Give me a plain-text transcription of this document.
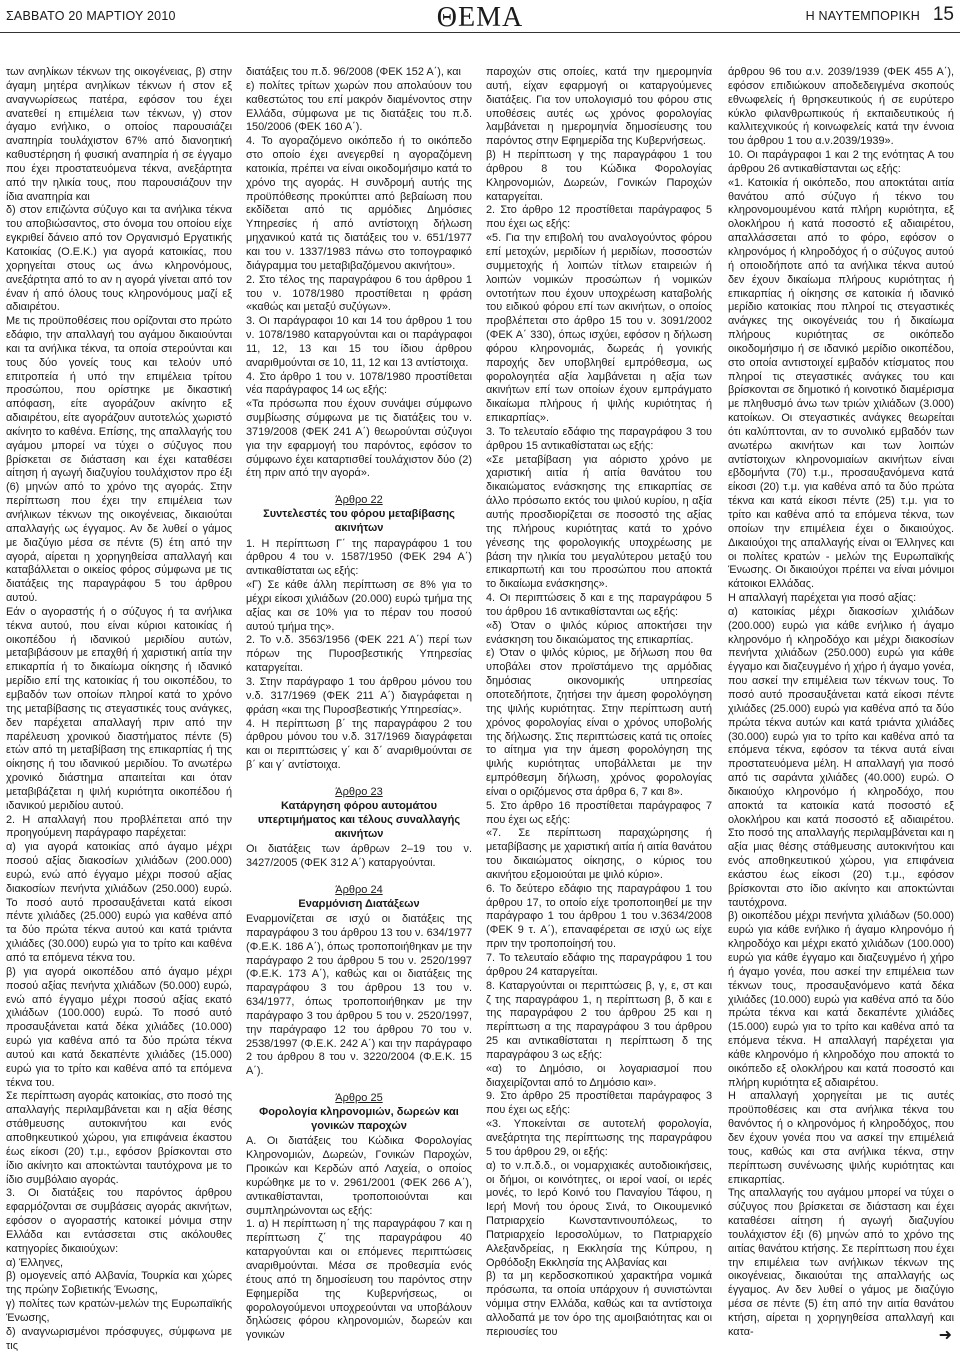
ΣΑΒΒΑΤΟ 20 ΜΑΡΤΙΟΥ 2010	ΘΕΜΑ	Η ΝΑΥΤΕΜΠΟΡΙΚΗ 15

των ανηλίκων τέκνων της οικογένειας, β) στην άγαμη μητέρα ανηλίκων τέκνων ή στον εξ αναγνωρίσεως πατέρα, εφόσον του έχει ανατεθεί η επιμέλεια των τέκνων, γ) στον άγαμο ενήλικο, ο οποίος παρουσιάζει αναπηρία τουλάχιστον 67% από διανοητική καθυστέρηση ή φυσική αναπηρία ή σε έγγαμο που έχει προστατευόμενα τέκνα, ανεξάρτητα από την ηλικία τους, που παρουσιάζουν την ίδια αναπηρία και

δ) στον επιζώντα σύζυγο και τα ανήλικα τέκνα του αποβιώσαντος, στο όνομα του οποίου είχε εγκριθεί δάνειο από τον Οργανισμό Εργατικής Κατοικίας (Ο.Ε.Κ.) για αγορά κατοικίας, που χορηγείται στους ως άνω κληρονόμους, ανεξάρτητα από το αν η αγορά γίνεται από τον έναν ή από όλους τους κληρονόμους μαζί εξ αδιαιρέτου.

Με τις προϋποθέσεις που ορίζονται στο πρώτο εδάφιο, την απαλλαγή του αγάμου δικαιούνται και τα ανήλικα τέκνα, τα οποία στερούνται και τους δύο γονείς τους και τελούν υπό επιτροπεία ή υπό την επιμέλεια τρίτου προσώπου, που ορίστηκε με δικαστική απόφαση, είτε αγοράζουν ακίνητο εξ αδιαιρέτου, είτε αγοράζουν αυτοτελώς χωριστό ακίνητο το καθένα. Επίσης, της απαλλαγής του αγάμου μπορεί να τύχει ο σύζυγος που βρίσκεται σε διάσταση και έχει καταθέσει αίτηση ή αγωγή διαζυγίου τουλάχιστον προ έξι (6) μηνών από το χρόνο της αγοράς. Στην περίπτωση που έχει την επιμέλεια των ανήλικων τέκνων της οικογένειας, δικαιούται απαλλαγής ως έγγαμος. Αν δε λυθεί ο γάμος με διαζύγιο μέσα σε πέντε (5) έτη από την αγορά, αίρεται η χορηγηθείσα απαλλαγή και καταβάλλεται ο οικείος φόρος σύμφωνα με τις διατάξεις της παραγράφου 5 του άρθρου αυτού.

Εάν ο αγοραστής ή ο σύζυγος ή τα ανήλικα τέκνα αυτού, που είναι κύριοι κατοικίας ή οικοπέδου ή ιδανικού μεριδίου αυτών, μεταβιβάσουν με επαχθή ή χαριστική αιτία την επικαρπία ή το δικαίωμα οίκησης ή ιδανικό μερίδιο επί της κατοικίας ή του οικοπέδου, το εμβαδόν των οποίων πληροί κατά το χρόνο της μεταβίβασης τις στεγαστικές τους ανάγκες, δεν παρέχεται απαλλαγή πριν από την παρέλευση χρονικού διαστήματος πέντε (5) ετών από τη μεταβίβαση της επικαρπίας ή της οίκησης ή του ιδανικού μεριδίου. Το ανωτέρω χρονικό διάστημα απαιτείται και όταν μεταβιβάζεται η ψιλή κυριότητα οικοπέδου ή ιδανικού μεριδίου αυτού.

2. Η απαλλαγή που προβλέπεται από την προηγούμενη παράγραφο παρέχεται:

α) για αγορά κατοικίας από άγαμο μέχρι ποσού αξίας διακοσίων χιλιάδων (200.000) ευρώ, ενώ από έγγαμο μέχρι ποσού αξίας διακοσίων πενήντα χιλιάδων (250.000) ευρώ. Το ποσό αυτό προσαυξάνεται κατά είκοσι πέντε χιλιάδες (25.000) ευρώ για καθένα από τα δύο πρώτα τέκνα αυτού και κατά τριάντα χιλιάδες (30.000) ευρώ για το τρίτο και καθένα από τα επόμενα τέκνα του.

β) για αγορά οικοπέδου από άγαμο μέχρι ποσού αξίας πενήντα χιλιάδων (50.000) ευρώ, ενώ από έγγαμο μέχρι ποσού αξίας εκατό χιλιάδων (100.000) ευρώ. Το ποσό αυτό προσαυξάνεται κατά δέκα χιλιάδες (10.000) ευρώ για καθένα από τα δύο πρώτα τέκνα αυτού και κατά δεκαπέντε χιλιάδες (15.000) ευρώ για το τρίτο και καθένα από τα επόμενα τέκνα του.

Σε περίπτωση αγοράς κατοικίας, στο ποσό της απαλλαγής περιλαμβάνεται και η αξία θέσης στάθμευσης αυτοκινήτου και ενός αποθηκευτικού χώρου, για επιφάνεια έκαστου έως είκοσι (20) τ.μ., εφόσον βρίσκονται στο ίδιο ακίνητο και αποκτώνται ταυτόχρονα με το ίδιο συμβόλαιο αγοράς.

3. Οι διατάξεις του παρόντος άρθρου εφαρμόζονται σε συμβάσεις αγοράς ακινήτων, εφόσον ο αγοραστής κατοικεί μόνιμα στην Ελλάδα και εντάσσεται στις ακόλουθες κατηγορίες δικαιούχων:

α) Έλληνες,

β) ομογενείς από Αλβανία, Τουρκία και χώρες της πρώην Σοβιετικής Ένωσης,

γ) πολίτες των κρατών-μελών της Ευρωπαϊκής Ένωσης,

δ) αναγνωρισμένοι πρόσφυγες, σύμφωνα με τις

διατάξεις του π.δ. 96/2008 (ΦΕΚ 152 Α΄), και

ε) πολίτες τρίτων χωρών που απολαύουν του καθεστώτος του επί μακρόν διαμένοντος στην Ελλάδα, σύμφωνα με τις διατάξεις του π.δ. 150/2006 (ΦΕΚ 160 Α΄).

4. Το αγοραζόμενο οικόπεδο ή το οικόπεδο στο οποίο έχει ανεγερθεί η αγοραζόμενη κατοικία, πρέπει να είναι οικοδομήσιμο κατά το χρόνο της αγοράς. Η συνδρομή αυτής της προϋπόθεσης προκύπτει από βεβαίωση που εκδίδεται από τις αρμόδιες Δημόσιες Υπηρεσίες ή από αντίστοιχη δήλωση μηχανικού κατά τις διατάξεις του ν. 651/1977 και του ν. 1337/1983 πάνω στο τοπογραφικό διάγραμμα του μεταβιβαζόμενου ακινήτου».

2. Στο τέλος της παραγράφου 6 του άρθρου 1 του ν. 1078/1980 προστίθεται η φράση «καθώς και μεταξύ συζύγων».

3. Οι παράγραφοι 10 και 14 του άρθρου 1 του ν. 1078/1980 καταργούνται και οι παράγραφοι 11, 12, 13 και 15 του ίδιου άρθρου αναριθμούνται σε 10, 11, 12 και 13 αντίστοιχα.

4. Στο άρθρο 1 του ν. 1078/1980 προστίθεται νέα παράγραφος 14 ως εξής:

«Τα πρόσωπα που έχουν συνάψει σύμφωνο συμβίωσης σύμφωνα με τις διατάξεις του ν. 3719/2008 (ΦΕΚ 241 Α΄) θεωρούνται σύζυγοι για την εφαρμογή του παρόντος, εφόσον το σύμφωνο έχει καταρτισθεί τουλάχιστον δύο (2) έτη πριν από την αγορά».

Άρθρο 22
Συντελεστές του φόρου μεταβίβασης ακινήτων

1. Η περίπτωση Γ΄ της παραγράφου 1 του άρθρου 4 του ν. 1587/1950 (ΦΕΚ 294 Α΄) αντικαθίσταται ως εξής:

«Γ) Σε κάθε άλλη περίπτωση σε 8% για το μέχρι είκοσι χιλιάδων (20.000) ευρώ τμήμα της αξίας και σε 10% για το πέραν του ποσού αυτού τμήμα της».

2. Το ν.δ. 3563/1956 (ΦΕΚ 221 Α΄) περί των πόρων της Πυροσβεστικής Υπηρεσίας καταργείται.

3. Στην παράγραφο 1 του άρθρου μόνου του ν.δ. 317/1969 (ΦΕΚ 211 Α΄) διαγράφεται η φράση «και της Πυροσβεστικής Υπηρεσίας».

4. Η περίπτωση β΄ της παραγράφου 2 του άρθρου μόνου του ν.δ. 317/1969 διαγράφεται και οι περιπτώσεις γ΄ και δ΄ αναριθμούνται σε β΄ και γ΄ αντίστοιχα.

Άρθρο 23
Κατάργηση φόρου αυτομάτου υπερτιμήματος και τέλους συναλλαγής ακινήτων

Οι διατάξεις των άρθρων 2–19 του ν. 3427/2005 (ΦΕΚ 312 Α΄) καταργούνται.

Άρθρο 24
Εναρμόνιση Διατάξεων

Εναρμονίζεται σε ισχύ οι διατάξεις της παραγράφου 3 του άρθρου 13 του ν. 634/1977 (Φ.Ε.Κ. 186 Α΄), όπως τροποποιήθηκαν με την παράγραφο 2 του άρθρου 5 του ν. 2520/1997 (Φ.Ε.Κ. 173 Α΄), καθώς και οι διατάξεις της παραγράφου 3 του άρθρου 13 του ν. 634/1977, όπως τροποποιήθηκαν με την παράγραφο 3 του άρθρου 5 του ν. 2520/1997, την παράγραφο 12 του άρθρου 70 του ν. 2538/1997 (Φ.Ε.Κ. 242 Α΄) και την παράγραφο 2 του άρθρου 8 του ν. 3220/2004 (Φ.Ε.Κ. 15 Α΄).

Άρθρο 25
Φορολογία κληρονομιών, δωρεών και γονικών παροχών

Α. Οι διατάξεις του Κώδικα Φορολογίας Κληρονομιών, Δωρεών, Γονικών Παροχών, Προικών και Κερδών από Λαχεία, ο οποίος κυρώθηκε με το ν. 2961/2001 (ΦΕΚ 266 Α΄), αντικαθίστανται, τροποποιούνται και συμπληρώνονται ως εξής:

1. α) Η περίπτωση η΄ της παραγράφου 7 και η περίπτωση ζ΄ της παραγράφου 40 καταργούνται και οι επόμενες περιπτώσεις αναριθμούνται. Μέσα σε προθεσμία ενός έτους από τη δημοσίευση του παρόντος στην Εφημερίδα της Κυβερνήσεως, οι φορολογούμενοι υποχρεούνται να υποβάλουν δηλώσεις φόρου κληρονομιών, δωρεών και γονικών

παροχών στις οποίες, κατά την ημερομηνία αυτή, είχαν εφαρμογή οι καταργούμενες διατάξεις. Για τον υπολογισμό του φόρου στις υποθέσεις αυτές ως χρόνος φορολογίας λαμβάνεται η ημερομηνία δημοσίευσης του παρόντος στην Εφημερίδα της Κυβερνήσεως.

β) Η περίπτωση γ της παραγράφου 1 του άρθρου 8 του Κώδικα Φορολογίας Κληρονομιών, Δωρεών, Γονικών Παροχών καταργείται.

2. Στο άρθρο 12 προστίθεται παράγραφος 5 που έχει ως εξής:

«5. Για την επιβολή του αναλογούντος φόρου επί μετοχών, μεριδίων ή μεριδίων, ποσοστών συμμετοχής ή λοιπών τίτλων εταιρειών ή λοιπών νομικών προσώπων ή νομικών οντοτήτων που έχουν υποχρέωση καταβολής του ειδικού φόρου επί των ακινήτων, ο οποίος προβλέπεται στο άρθρο 15 του ν. 3091/2002 (ΦΕΚ Α΄ 330), όπως ισχύει, εφόσον η δήλωση φόρου κληρονομιάς, δωρεάς ή γονικής παροχής δεν υποβληθεί εμπρόθεσμα, ως φορολογητέα αξία λαμβάνεται η αξία των ακινήτων επί των οποίων έχουν εμπράγματο δικαίωμα πλήρους ή ψιλής κυριότητας ή επικαρπίας».

3. Το τελευταίο εδάφιο της παραγράφου 3 του άρθρου 15 αντικαθίσταται ως εξής:

«Σε μεταβίβαση για αόριστο χρόνο με χαριστική αιτία ή αιτία θανάτου του δικαιώματος ενάσκησης της επικαρπίας σε άλλο πρόσωπο εκτός του ψιλού κυρίου, η αξία αυτής προσδιορίζεται σε ποσοστό της αξίας της πλήρους κυριότητας κατά το χρόνο γένεσης της φορολογικής υποχρέωσης με βάση την ηλικία του μεγαλύτερου μεταξύ του επικαρπωτή και του προσώπου που αποκτά το δικαίωμα ενάσκησης».

4. Οι περιπτώσεις δ και ε της παραγράφου 5 του άρθρου 16 αντικαθίστανται ως εξής:

«δ) Όταν ο ψιλός κύριος αποκτήσει την ενάσκηση του δικαιώματος της επικαρπίας.

ε) Όταν ο ψιλός κύριος, με δήλωση που θα υποβάλει στον προϊστάμενο της αρμόδιας δημόσιας οικονομικής υπηρεσίας οποτεδήποτε, ζητήσει την άμεση φορολόγηση της ψιλής κυριότητας. Στην περίπτωση αυτή χρόνος φορολογίας είναι ο χρόνος υποβολής της δήλωσης. Στις περιπτώσεις κατά τις οποίες το αίτημα για την άμεση φορολόγηση της ψιλής κυριότητας υποβάλλεται με την εμπρόθεσμη δήλωση, χρόνος φορολογίας είναι ο οριζόμενος στα άρθρα 6, 7 και 8».

5. Στο άρθρο 16 προστίθεται παράγραφος 7 που έχει ως εξής:

«7. Σε περίπτωση παραχώρησης ή μεταβίβασης με χαριστική αιτία ή αιτία θανάτου του δικαιώματος οίκησης, ο κύριος του ακινήτου εξομοιούται με ψιλό κύριο».

6. Το δεύτερο εδάφιο της παραγράφου 1 του άρθρου 17, το οποίο είχε τροποποιηθεί με την παράγραφο 1 του άρθρου 1 του ν.3634/2008 (ΦΕΚ 9 τ. Α΄), επαναφέρεται σε ισχύ ως είχε πριν την τροποποίησή του.

7. Το τελευταίο εδάφιο της παραγράφου 1 του άρθρου 24 καταργείται.

8. Καταργούνται οι περιπτώσεις β, γ, ε, στ και ζ της παραγράφου 1, η περίπτωση β, δ και ε της παραγράφου 2 του άρθρου 25 και η περίπτωση α της παραγράφου 3 του άρθρου 25 και αντικαθίσταται η περίπτωση δ της παραγράφου 3 ως εξής:

«α) το Δημόσιο, οι λογαριασμοί που διαχειρίζονται από το Δημόσιο και».

9. Στο άρθρο 25 προστίθεται παράγραφος 3 που έχει ως εξής:

«3. Υποκείνται σε αυτοτελή φορολογία, ανεξάρτητα της περίπτωσης της παραγράφου 5 του άρθρου 29, οι εξής:

α) το ν.π.δ.δ., οι νομαρχιακές αυτοδιοικήσεις, οι δήμοι, οι κοινότητες, οι ιεροί ναοί, οι ιερές μονές, το Ιερό Κοινό του Παναγίου Τάφου, η Ιερή Μονή του όρους Σινά, το Οικουμενικό Πατριαρχείο Κωνσταντινουπόλεως, το Πατριαρχείο Ιεροσολύμων, το Πατριαρχείο Αλεξανδρείας, η Εκκλησία της Κύπρου, η Ορθόδοξη Εκκλησία της Αλβανίας και

β) τα μη κερδοσκοπικού χαρακτήρα νομικά πρόσωπα, τα οποία υπάρχουν ή συνιστώνται νόμιμα στην Ελλάδα, καθώς και τα αντίστοιχα αλλοδαπά με τον όρο της αμοιβαιότητας και οι περιουσίες του

άρθρου 96 του α.ν. 2039/1939 (ΦΕΚ 455 Α΄), εφόσον επιδιώκουν αποδεδειγμένα σκοπούς εθνωφελείς ή θρησκευτικούς ή σε ευρύτερο κύκλο φιλανθρωπικούς ή εκπαιδευτικούς ή καλλιτεχνικούς ή κοινωφελείς κατά την έννοια του άρθρου 1 του α.ν.2039/1939».

10. Οι παράγραφοι 1 και 2 της ενότητας Α του άρθρου 26 αντικαθίστανται ως εξής:

«1. Κατοικία ή οικόπεδο, που αποκτάται αιτία θανάτου από σύζυγο ή τέκνο του κληρονομουμένου κατά πλήρη κυριότητα, εξ ολοκλήρου ή κατά ποσοστό εξ αδιαιρέτου, απαλλάσσεται από το φόρο, εφόσον ο κληρονόμος ή κληροδόχος ή ο σύζυγος αυτού ή οποιοδήποτε από τα ανήλικα τέκνα αυτού δεν έχουν δικαίωμα πλήρους κυριότητας ή επικαρπίας ή οίκησης σε κατοικία ή ιδανικό μερίδιο κατοικίας που πληροί τις στεγαστικές ανάγκες της οικογένειάς του ή δικαίωμα πλήρους κυριότητας σε οικόπεδο οικοδομήσιμο ή σε ιδανικό μερίδιο οικοπέδου, στο οποία αντιστοιχεί εμβαδόν κτίσματος που πληροί τις στεγαστικές ανάγκες του και βρίσκονται σε δημοτικό ή κοινοτικό διαμέρισμα με πληθυσμό άνω των τριών χιλιάδων (3.000) κατοίκων. Οι στεγαστικές ανάγκες θεωρείται ότι καλύπτονται, αν το συνολικό εμβαδόν των ανωτέρω ακινήτων και των λοιπών αντίστοιχων κληρονομιαίων ακινήτων είναι εβδομήντα (70) τ.μ., προσαυξανόμενα κατά είκοσι (20) τ.μ. για καθένα από τα δύο πρώτα τέκνα και κατά είκοσι πέντε (25) τ.μ. για το τρίτο και καθένα από τα επόμενα τέκνα, των οποίων την επιμέλεια έχει ο δικαιούχος. Δικαιούχοι της απαλλαγής είναι οι Έλληνες και οι πολίτες κρατών - μελών της Ευρωπαϊκής Ένωσης. Οι δικαιούχοι πρέπει να είναι μόνιμοι κάτοικοι Ελλάδας.

Η απαλλαγή παρέχεται για ποσό αξίας:

α) κατοικίας μέχρι διακοσίων χιλιάδων (200.000) ευρώ για κάθε ενήλικο ή άγαμο κληρονόμο ή κληροδόχο και μέχρι διακοσίων πενήντα χιλιάδων (250.000) ευρώ για κάθε έγγαμο και διαζευγμένο ή χήρο ή άγαμο γονέα, που ασκεί την επιμέλεια των τέκνων τους. Το ποσό αυτό προσαυξάνεται κατά είκοσι πέντε χιλιάδες (25.000) ευρώ για καθένα από τα δύο πρώτα τέκνα αυτών και κατά τριάντα χιλιάδες (30.000) ευρώ για το τρίτο και καθένα από τα επόμενα τέκνα, εφόσον τα τέκνα αυτά είναι προστατευόμενα μέλη. Η απαλλαγή για ποσό από τις σαράντα χιλιάδες (40.000) ευρώ. Ο δικαιούχο κληρονόμο ή κληροδόχο, που αποκτά τα κατοικία κατά ποσοστό εξ ολοκλήρου και κατά ποσοστό εξ αδιαιρέτου. Στο ποσό της απαλλαγής περιλαμβάνεται και η αξία μιας θέσης στάθμευσης αυτοκινήτου και ενός αποθηκευτικού χώρου, για επιφάνεια εκάστου έως είκοσι (20) τ.μ., εφόσον βρίσκονται στο ίδιο ακίνητο και αποκτώνται ταυτόχρονα.

β) οικοπέδου μέχρι πενήντα χιλιάδων (50.000) ευρώ για κάθε ενήλικο ή άγαμο κληρονόμο ή κληροδόχο και μέχρι εκατό χιλιάδων (100.000) ευρώ για κάθε έγγαμο και διαζευγμένο ή χήρο ή άγαμο γονέα, που ασκεί την επιμέλεια των τέκνων τους, προσαυξανόμενο κατά δέκα χιλιάδες (10.000) ευρώ για καθένα από τα δύο πρώτα τέκνα και κατά δεκαπέντε χιλιάδες (15.000) ευρώ για το τρίτο και καθένα από τα επόμενα τέκνα. Η απαλλαγή παρέχεται για κάθε κληρονόμο ή κληροδόχο που αποκτά το οικόπεδο εξ ολοκλήρου και κατά ποσοστό και πλήρη κυριότητα εξ αδιαιρέτου.

Η απαλλαγή χορηγείται με τις αυτές προϋποθέσεις και στα ανήλικα τέκνα του θανόντος ή ο κληρονόμος ή κληροδόχος, που δεν έχουν γονέα που να ασκεί την επιμέλειά τους, καθώς και στα ανήλικα τέκνα, στην περίπτωση συνένωσης ψιλής κυριότητας και επικαρπίας.

Της απαλλαγής του αγάμου μπορεί να τύχει ο σύζυγος που βρίσκεται σε διάσταση και έχει καταθέσει αίτηση ή αγωγή διαζυγίου τουλάχιστον έξι (6) μηνών από το χρόνο της αιτίας θανάτου κτήσης. Σε περίπτωση που έχει την επιμέλεια των ανήλικων τέκνων της οικογένειας, δικαιούται της απαλλαγής ως έγγαμος. Αν δεν λυθεί ο γάμος με διαζύγιο μέσα σε πέντε (5) έτη από την αιτία θανάτου κτήση, αίρεται η χορηγηθείσα απαλλαγή και κατα-	➜
